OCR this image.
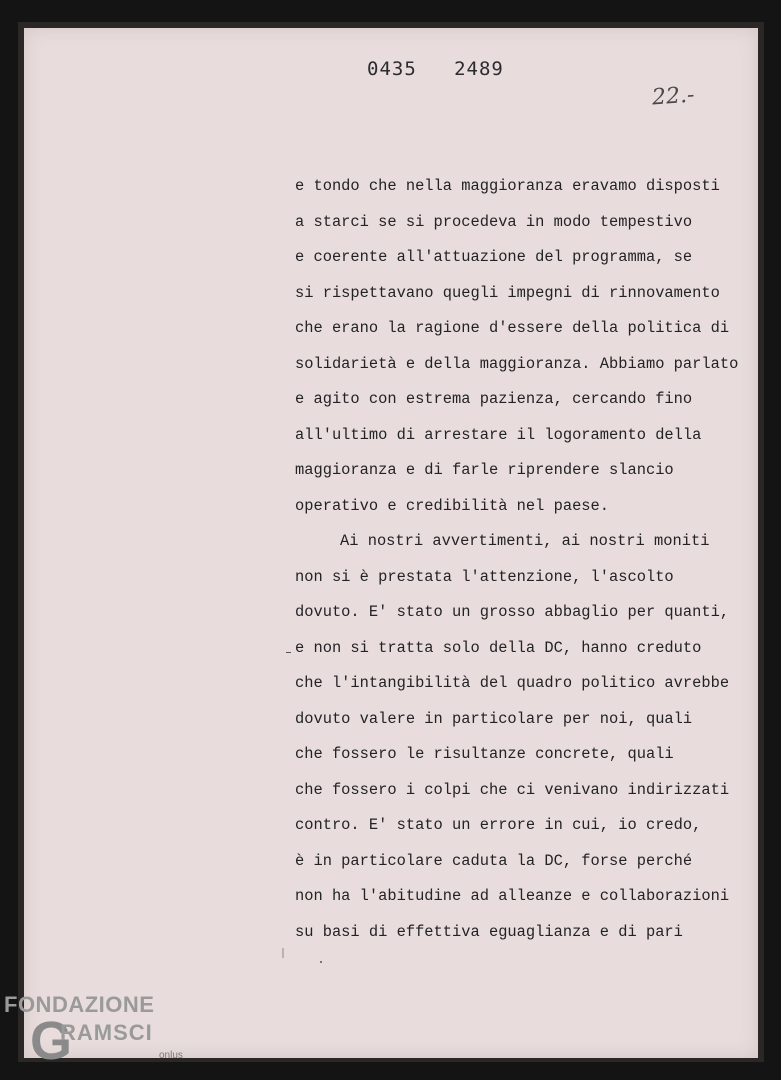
0435   2489
22.-
e tondo che nella maggioranza eravamo disposti
a starci se si procedeva in modo tempestivo
e coerente all'attuazione del programma, se
si rispettavano quegli impegni di rinnovamento
che erano la ragione d'essere della politica di
solidarietà e della maggioranza. Abbiamo parlato
e agito con estrema pazienza, cercando fino
all'ultimo di arrestare il logoramento della
maggioranza e di farle riprendere slancio
operativo e credibilità nel paese.
Ai nostri avvertimenti, ai nostri moniti
non si è prestata l'attenzione, l'ascolto
dovuto. E' stato un grosso abbaglio per quanti,
e non si tratta solo della DC, hanno creduto
che l'intangibilità del quadro politico avrebbe
dovuto valere in particolare per noi, quali
che fossero le risultanze concrete, quali
che fossero i colpi che ci venivano indirizzati
contro. E' stato un errore in cui, io credo,
è in particolare caduta la DC, forse perché
non ha l'abitudine ad alleanze e collaborazioni
su basi di effettiva eguaglianza e di pari
FONDAZIONE
G
RAMSCI
onlus
